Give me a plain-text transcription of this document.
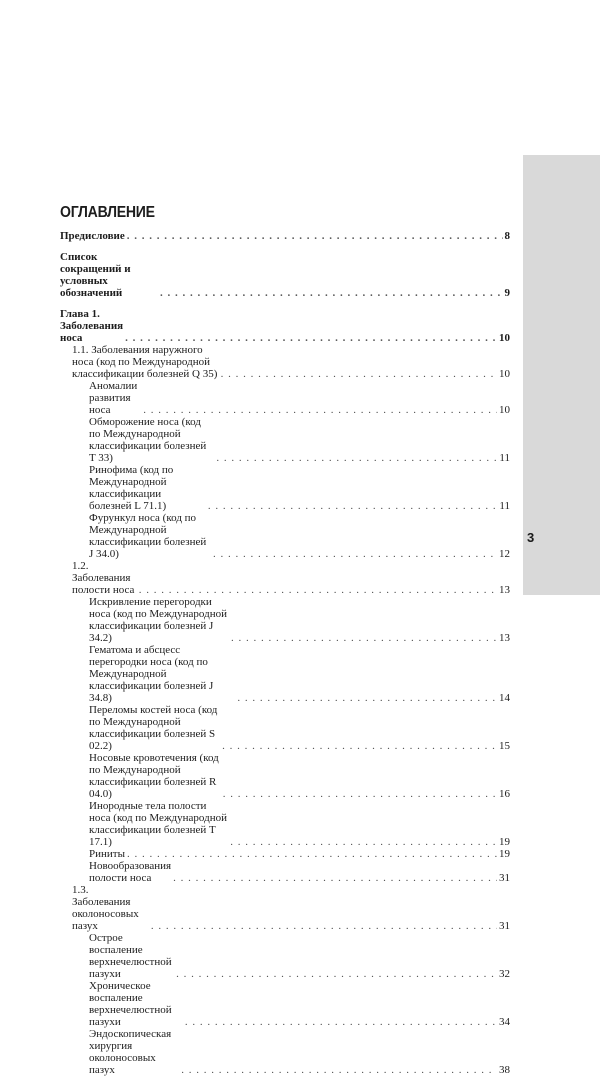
3
ОГЛАВЛЕНИЕ
Предисловие . . .	8
Список сокращений и условных обозначений . . .	9
Глава 1. Заболевания носа . . .	10
1.1. Заболевания наружного носа (код по Международной классификации болезней Q 35) . . .	10
Аномалии развития носа . . .	10
Обморожение носа (код по Международной классификации болезней T 33) . . .	11
Ринофима (код по Международной классификации болезней L 71.1) . . .	11
Фурункул носа (код по Международной классификации болезней J 34.0) . . .	12
1.2. Заболевания полости носа . . .	13
Искривление перегородки носа (код по Международной классификации болезней J 34.2) . . .	13
Гематома и абсцесс перегородки носа (код по Международной классификации болезней J 34.8) . . .	14
Переломы костей носа (код по Международной классификации болезней S 02.2) . . .	15
Носовые кровотечения (код по Международной классификации болезней R 04.0) . . .	16
Инородные тела полости носа (код по Международной классификации болезней T 17.1) . . .	19
Риниты . . .	19
Новообразования полости носа . . .	31
1.3. Заболевания околоносовых пазух . . .	31
Острое воспаление верхнечелюстной пазухи . . .	32
Хроническое воспаление верхнечелюстной пазухи . . .	34
Эндоскопическая хирургия околоносовых пазух . . .	38
